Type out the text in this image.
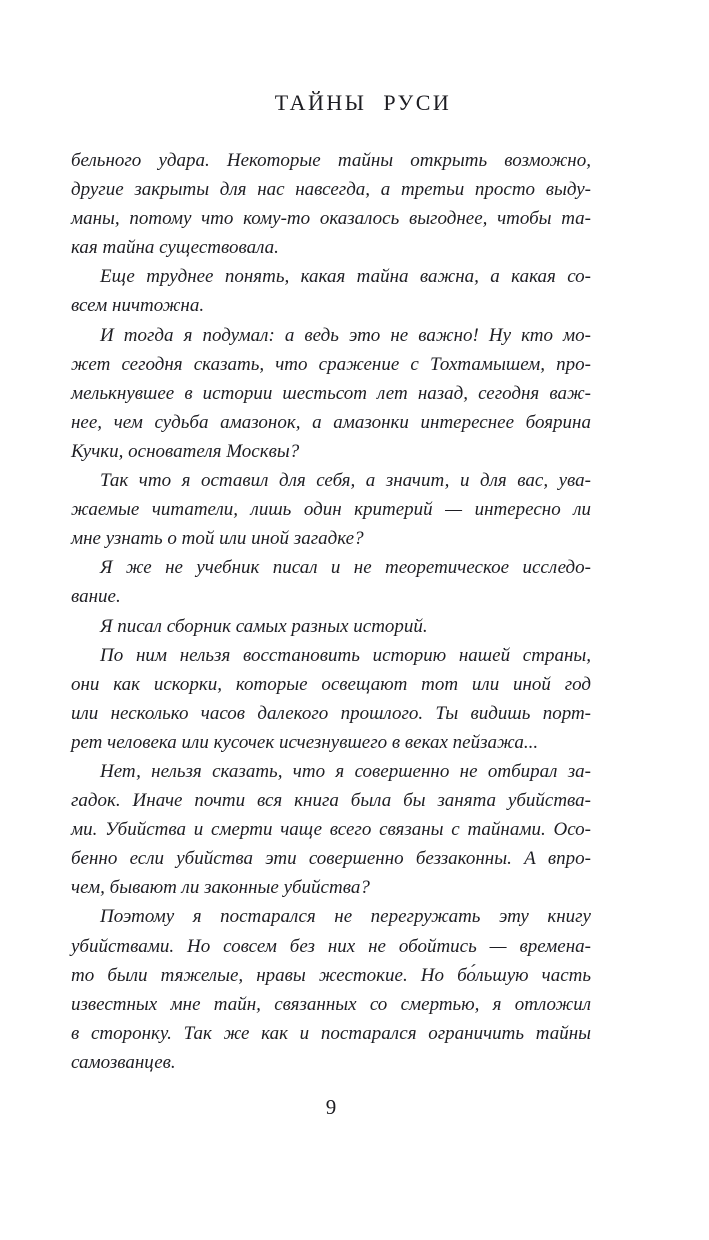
ТАЙНЫ РУСИ
бельного удара. Некоторые тайны открыть возможно,
другие закрыты для нас навсегда, а третьи просто выду-
маны, потому что кому-то оказалось выгоднее, чтобы та-
кая тайна существовала.
Еще труднее понять, какая тайна важна, а какая со-
всем ничтожна.
И тогда я подумал: а ведь это не важно! Ну кто мо-
жет сегодня сказать, что сражение с Тохтамышем, про-
мелькнувшее в истории шестьсот лет назад, сегодня важ-
нее, чем судьба амазонок, а амазонки интереснее боярина
Кучки, основателя Москвы?
Так что я оставил для себя, а значит, и для вас, ува-
жаемые читатели, лишь один критерий — интересно ли
мне узнать о той или иной загадке?
Я же не учебник писал и не теоретическое исследо-
вание.
Я писал сборник самых разных историй.
По ним нельзя восстановить историю нашей страны,
они как искорки, которые освещают тот или иной год
или несколько часов далекого прошлого. Ты видишь порт-
рет человека или кусочек исчезнувшего в веках пейзажа...
Нет, нельзя сказать, что я совершенно не отбирал за-
гадок. Иначе почти вся книга была бы занята убийства-
ми. Убийства и смерти чаще всего связаны с тайнами. Осо-
бенно если убийства эти совершенно беззаконны. А впро-
чем, бывают ли законные убийства?
Поэтому я постарался не перегружать эту книгу
убийствами. Но совсем без них не обойтись — времена-
то были тяжелые, нравы жестокие. Но бо́льшую часть
известных мне тайн, связанных со смертью, я отложил
в сторонку. Так же как и постарался ограничить тайны
самозванцев.
9
